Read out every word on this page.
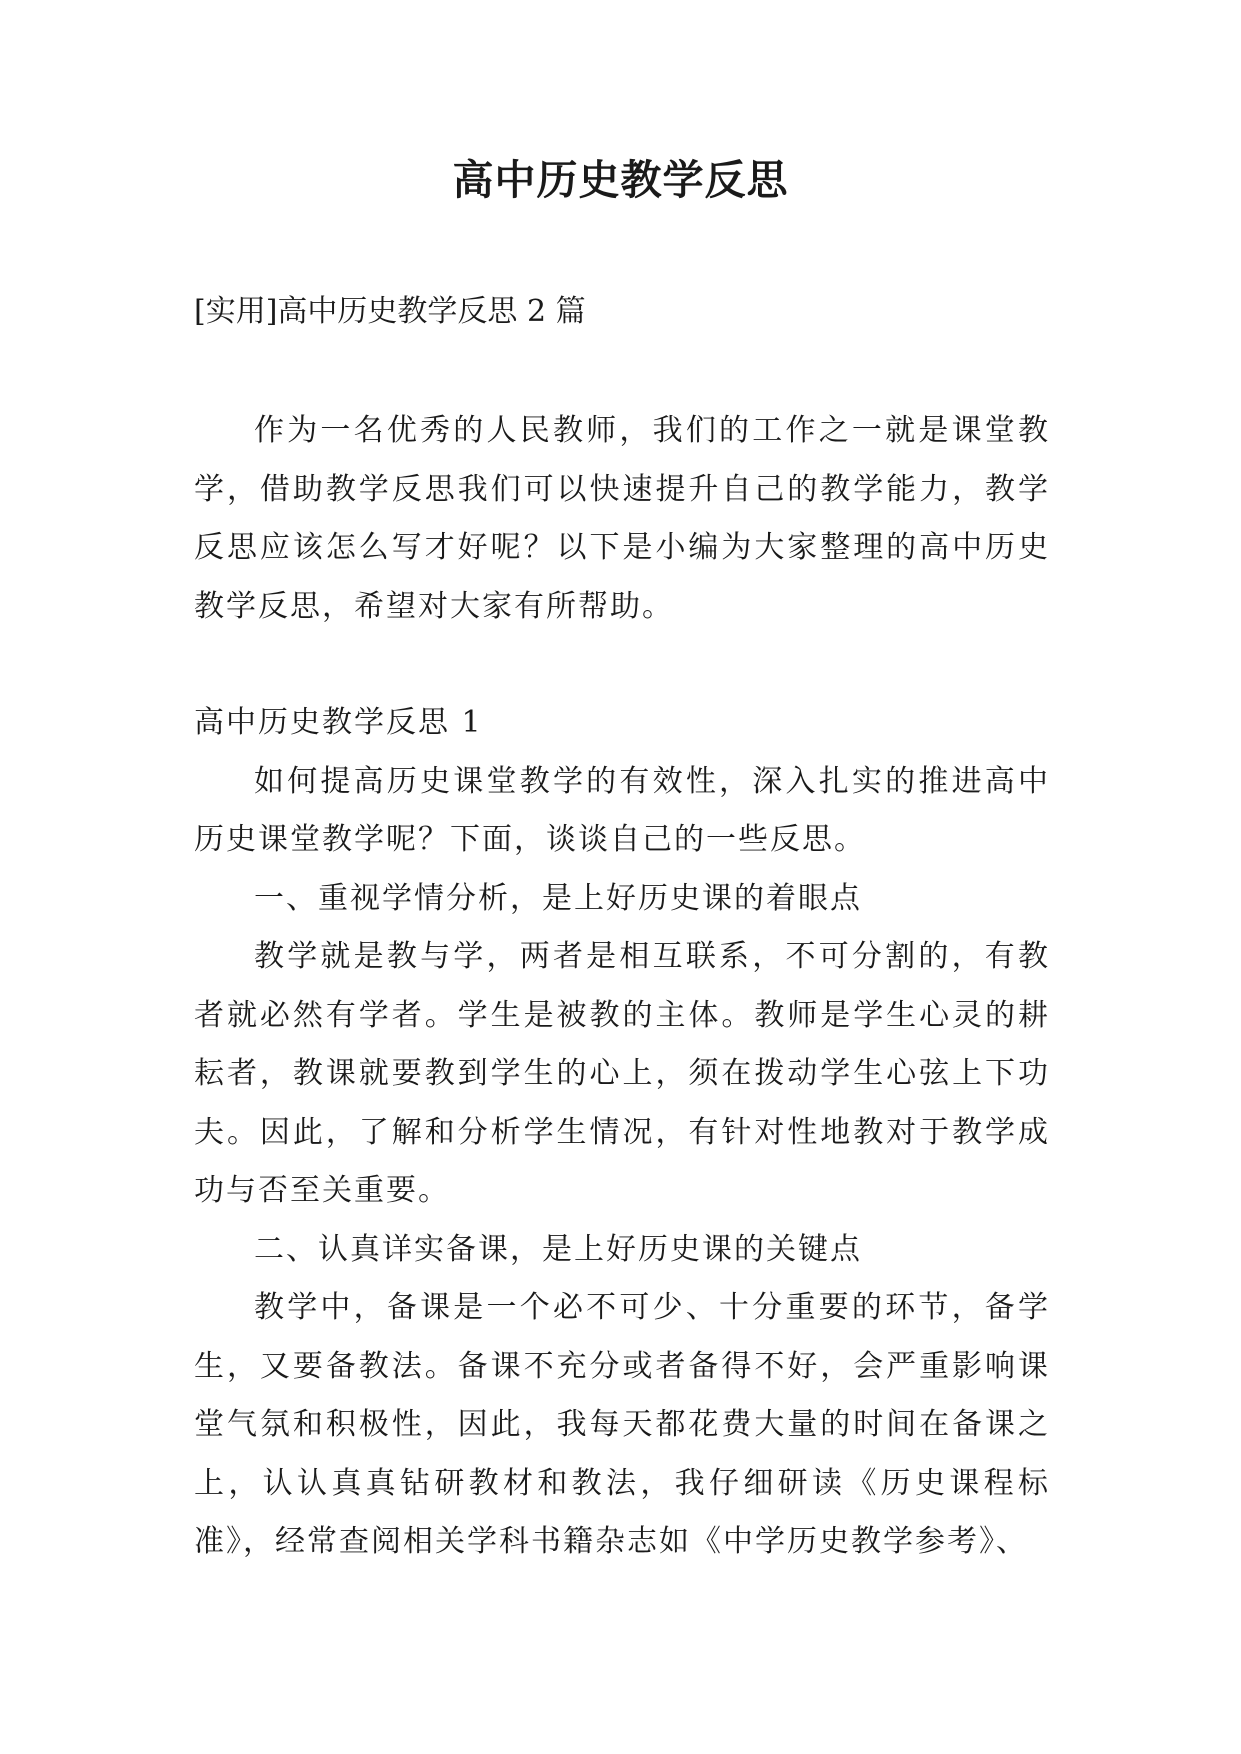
高中历史教学反思
[实用]高中历史教学反思 2 篇

作为一名优秀的人民教师，我们的工作之一就是课堂教学，借助教学反思我们可以快速提升自己的教学能力，教学反思应该怎么写才好呢？以下是小编为大家整理的高中历史教学反思，希望对大家有所帮助。

高中历史教学反思 1

如何提高历史课堂教学的有效性，深入扎实的推进高中历史课堂教学呢？下面，谈谈自己的一些反思。

一、重视学情分析，是上好历史课的着眼点

教学就是教与学，两者是相互联系，不可分割的，有教者就必然有学者。学生是被教的主体。教师是学生心灵的耕耘者，教课就要教到学生的心上，须在拨动学生心弦上下功夫。因此，了解和分析学生情况，有针对性地教对于教学成功与否至关重要。

二、认真详实备课，是上好历史课的关键点

教学中，备课是一个必不可少、十分重要的环节，备学生，又要备教法。备课不充分或者备得不好，会严重影响课堂气氛和积极性，因此，我每天都花费大量的时间在备课之上，认认真真钻研教材和教法，我仔细研读《历史课程标准》，经常查阅相关学科书籍杂志如《中学历史教学参考》、
